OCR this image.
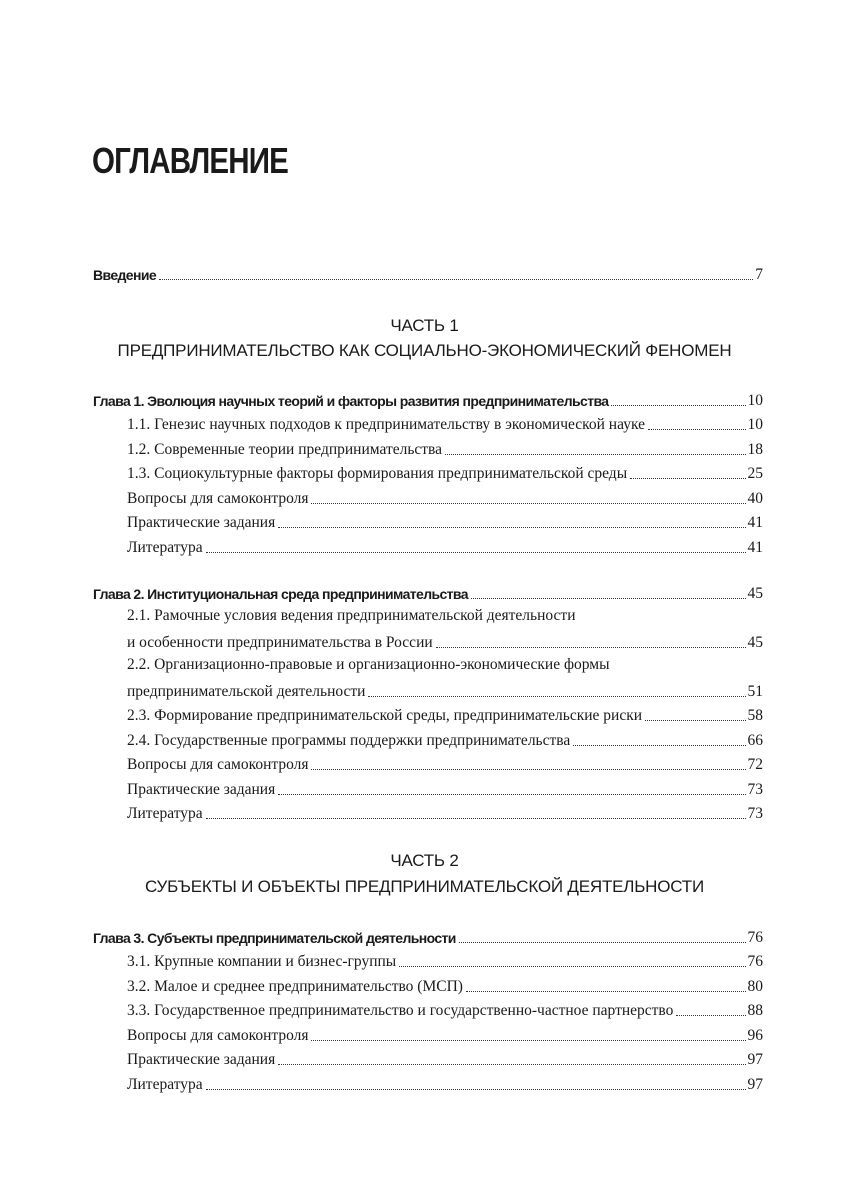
ОГЛАВЛЕНИЕ
Введение	7
ЧАСТЬ 1
ПРЕДПРИНИМАТЕЛЬСТВО КАК СОЦИАЛЬНО-ЭКОНОМИЧЕСКИЙ ФЕНОМЕН
Глава 1. Эволюция научных теорий и факторы развития предпринимательства	10
1.1. Генезис научных подходов к предпринимательству в экономической науке	10
1.2. Современные теории предпринимательства	18
1.3. Социокультурные факторы формирования предпринимательской среды	25
Вопросы для самоконтроля	40
Практические задания	41
Литература	41
Глава 2. Институциональная среда предпринимательства	45
2.1. Рамочные условия ведения предпринимательской деятельности
и особенности предпринимательства в России	45
2.2. Организационно-правовые и организационно-экономические формы
предпринимательской деятельности	51
2.3. Формирование предпринимательской среды, предпринимательские риски	58
2.4. Государственные программы поддержки предпринимательства	66
Вопросы для самоконтроля	72
Практические задания	73
Литература	73
ЧАСТЬ 2
СУБЪЕКТЫ И ОБЪЕКТЫ ПРЕДПРИНИМАТЕЛЬСКОЙ ДЕЯТЕЛЬНОСТИ
Глава 3. Субъекты предпринимательской деятельности	76
3.1. Крупные компании и бизнес-группы	76
3.2. Малое и среднее предпринимательство (МСП)	80
3.3. Государственное предпринимательство и государственно-частное партнерство	88
Вопросы для самоконтроля	96
Практические задания	97
Литература	97
